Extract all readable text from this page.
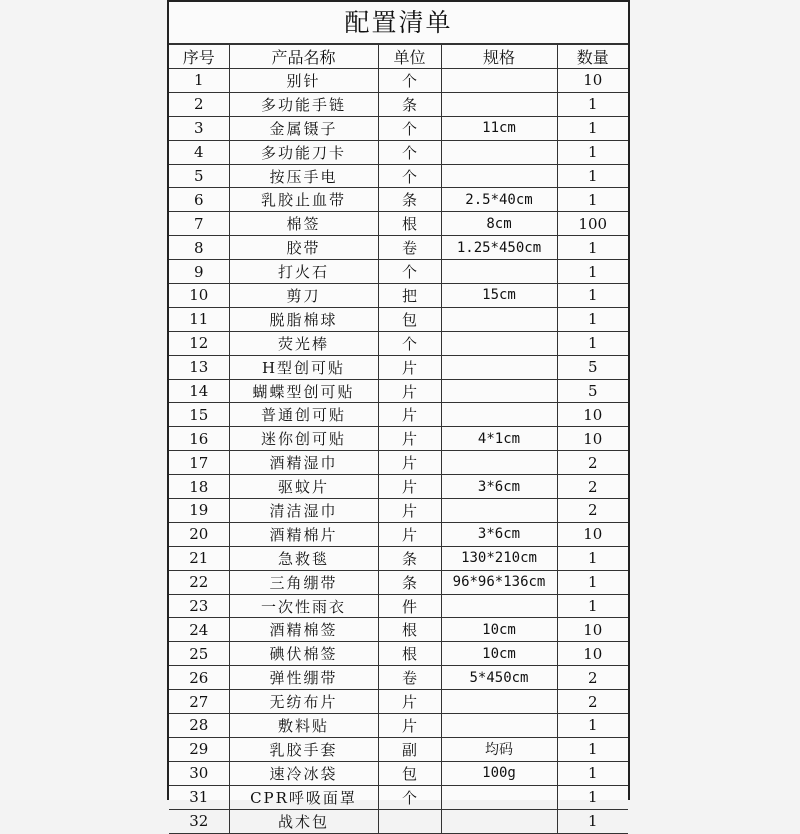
配置清单
序号	产品名称	单位	规格	数量
1	别针	个		10
2	多功能手链	条		1
3	金属镊子	个	11cm	1
4	多功能刀卡	个		1
5	按压手电	个		1
6	乳胶止血带	条	2.5*40cm	1
7	棉签	根	8cm	100
8	胶带	卷	1.25*450cm	1
9	打火石	个		1
10	剪刀	把	15cm	1
11	脱脂棉球	包		1
12	荧光棒	个		1
13	H型创可贴	片		5
14	蝴蝶型创可贴	片		5
15	普通创可贴	片		10
16	迷你创可贴	片	4*1cm	10
17	酒精湿巾	片		2
18	驱蚊片	片	3*6cm	2
19	清洁湿巾	片		2
20	酒精棉片	片	3*6cm	10
21	急救毯	条	130*210cm	1
22	三角绷带	条	96*96*136cm	1
23	一次性雨衣	件		1
24	酒精棉签	根	10cm	10
25	碘伏棉签	根	10cm	10
26	弹性绷带	卷	5*450cm	2
27	无纺布片	片		2
28	敷料贴	片		1
29	乳胶手套	副	均码	1
30	速冷冰袋	包	100g	1
31	CPR呼吸面罩	个		1
32	战术包			1
